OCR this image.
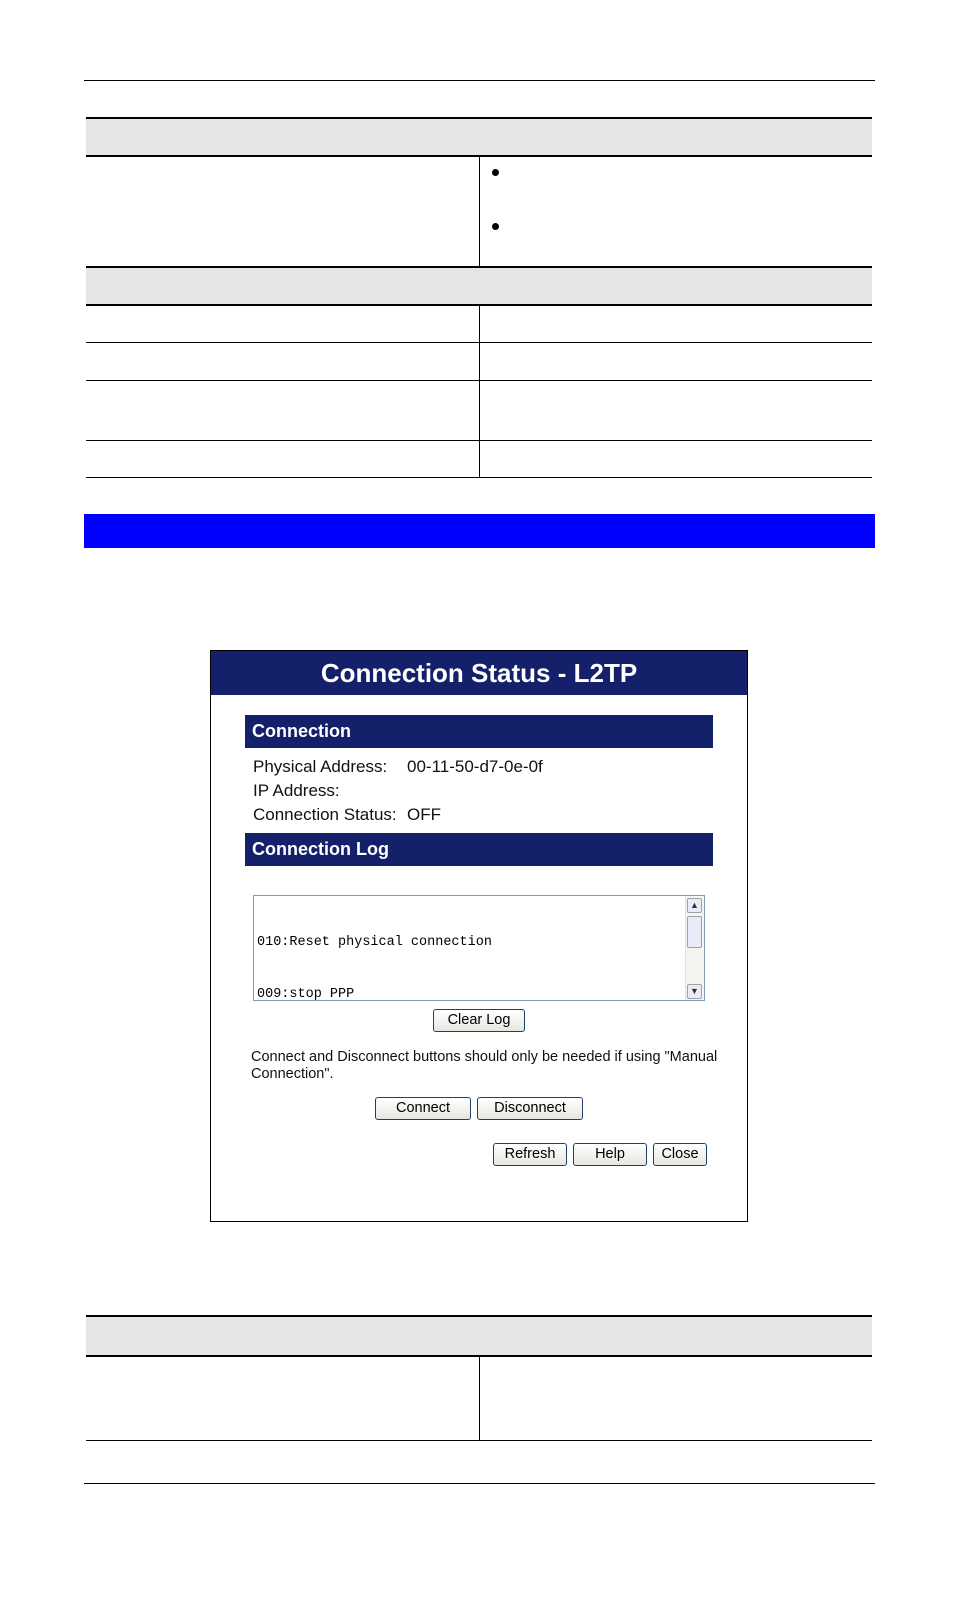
Connection Status - L2TP
Connection
Physical Address: 00-11-50-d7-0e-0f
IP Address:
Connection Status: OFF
Connection Log

010:Reset physical connection

009:stop PPP

▲
▼
Clear Log
Connect and Disconnect buttons should only be needed if using "Manual Connection".
Connect	Disconnect
Refresh	Help	Close
